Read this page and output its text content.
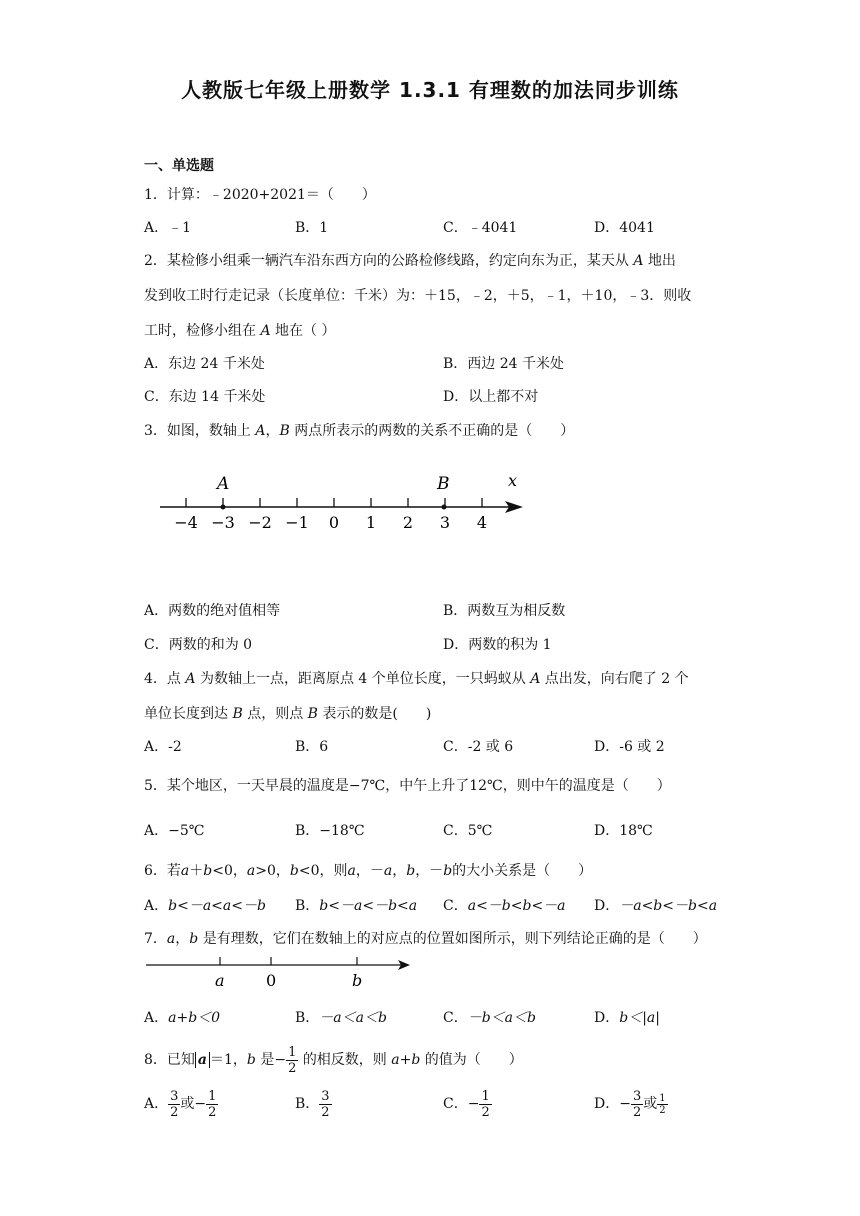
人教版七年级上册数学 1.3.1 有理数的加法同步训练
一、单选题
1．计算：﹣2020+2021＝（　　）
A．﹣1	B．1	C．﹣4041	D．4041
2．某检修小组乘一辆汽车沿东西方向的公路检修线路，约定向东为正，某天从 A 地出
发到收工时行走记录（长度单位：千米）为：＋15，﹣2，＋5，﹣1，＋10，﹣3．则收
工时，检修小组在 A 地在（ ）
A．东边 24 千米处	B．西边 24 千米处
C．东边 14 千米处	D．以上都不对
3．如图，数轴上 A，B 两点所表示的两数的关系不正确的是（　　）
−4 −3 −2 −1 0 1 2 3 4
A	B	x
A．两数的绝对值相等	B．两数互为相反数
C．两数的和为 0	D．两数的积为 1
4．点 A 为数轴上一点，距离原点 4 个单位长度，一只蚂蚁从 A 点出发，向右爬了 2 个
单位长度到达 B 点，则点 B 表示的数是(　　)
A．-2	B．6	C．-2 或 6	D．-6 或 2
5．某个地区，一天早晨的温度是−7℃，中午上升了12℃，则中午的温度是（　　）
A．−5℃	B．−18℃	C．5℃	D．18℃
6．若a＋b<0，a>0，b<0，则a，－a，b，－b的大小关系是（　　）
A．b<－a<a<－b B．b<－a<－b<a C．a<－b<b<－a D．－a<b<－b<a
7．a，b 是有理数，它们在数轴上的对应点的位置如图所示，则下列结论正确的是（　　）
a	0	b
A．a+b＜0	B．－a＜a＜b	C．－b＜a＜b	D．b＜|a|
8．已知 a ＝1，b 是− $\frac{1}{2}$ 的相反数，则 a+b 的值为（　　）
A． $\frac{3}{2}$ 或− $\frac{1}{2}$	B． $\frac{3}{2}$	C．− $\frac{1}{2}$	D．− $\frac{3}{2}$ 或 $\frac{1}{2}$
